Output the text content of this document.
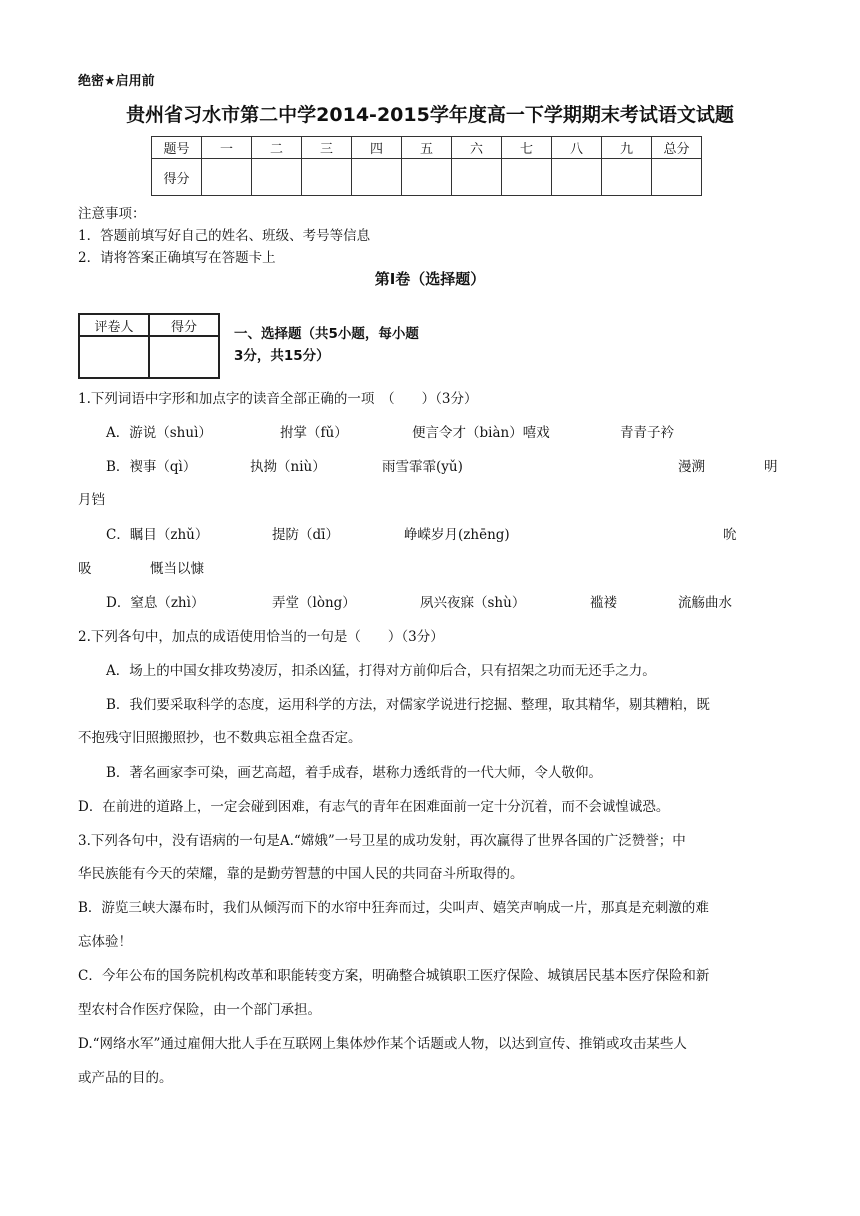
绝密★启用前
贵州省习水市第二中学2014-2015学年度高一下学期期末考试语文试题
题号	一	二	三	四	五	六	七	八	九	总分
得分										
注意事项：
1．答题前填写好自己的姓名、班级、考号等信息
2．请将答案正确填写在答题卡上
第Ⅰ卷（选择题）
评卷人	得分
		一、选择题（共5小题，每小题
3分，共15分）
1.下列词语中字形和加点字的读音全部正确的一项　（　　）（3分）
A．游说（shuì）	拊掌（fǔ）	便言令才（biàn）嘻戏	青青子衿
B．褉事（qì）	执拗（niù）	雨雪霏霏(yǔ)	漫溯	明
月铛
C．瞩目（zhǔ）	提防（dī）	峥嵘岁月(zhēng)	吮
吸	慨当以慷
D．窒息（zhì）	弄堂（lòng）	夙兴夜寐（shù）	褴褛	流觞曲水
2.下列各句中，加点的成语使用恰当的一句是（　　）（3分）
A．场上的中国女排攻势凌厉，扣杀凶猛，打得对方前仰后合，只有招架之功而无还手之力。
B．我们要采取科学的态度，运用科学的方法，对儒家学说进行挖掘、整理，取其精华，剔其糟粕，既
不抱残守旧照搬照抄，也不数典忘祖全盘否定。
B．著名画家李可染，画艺高超，着手成春，堪称力透纸背的一代大师，令人敬仰。
D．在前进的道路上，一定会碰到困难，有志气的青年在困难面前一定十分沉着，而不会诚惶诚恐。
3.下列各句中，没有语病的一句是A.“嫦娥”一号卫星的成功发射，再次赢得了世界各国的广泛赞誉；中
华民族能有今天的荣耀，靠的是勤劳智慧的中国人民的共同奋斗所取得的。
B．游览三峡大瀑布时，我们从倾泻而下的水帘中狂奔而过，尖叫声、嬉笑声响成一片，那真是充刺激的难
忘体验！
C．今年公布的国务院机构改革和职能转变方案，明确整合城镇职工医疗保险、城镇居民基本医疗保险和新
型农村合作医疗保险，由一个部门承担。
D.“网络水军”通过雇佣大批人手在互联网上集体炒作某个话题或人物，以达到宣传、推销或攻击某些人
或产品的目的。
